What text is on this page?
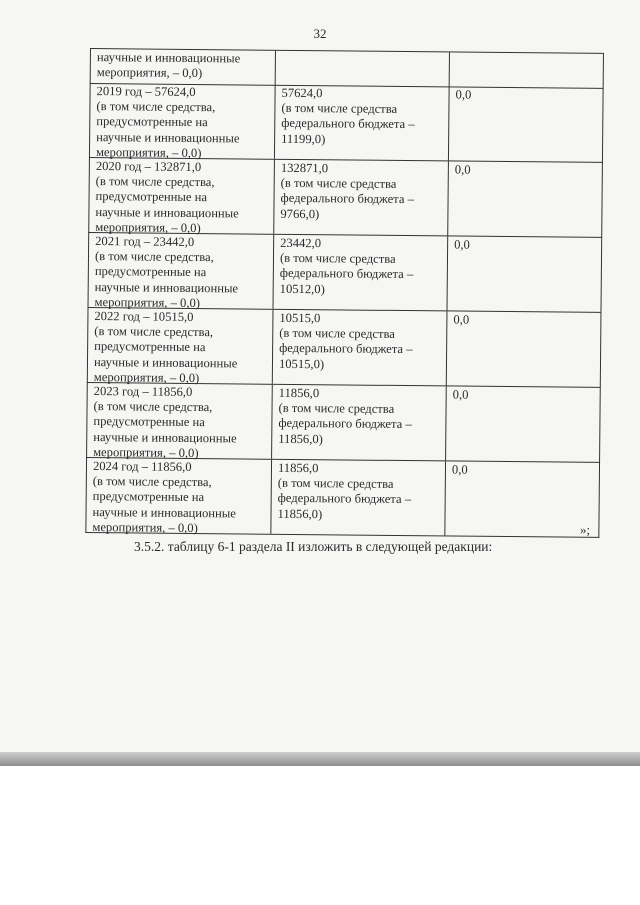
32
научные и инновационные
мероприятия, – 0,0)
2019 год – 57624,0
(в том числе средства,
предусмотренные на
научные и инновационные
мероприятия, – 0,0)
57624,0
(в том числе средства
федерального бюджета –
11199,0)
0,0
2020 год – 132871,0
(в том числе средства,
предусмотренные на
научные и инновационные
мероприятия, – 0,0)
132871,0
(в том числе средства
федерального бюджета –
9766,0)
0,0
2021 год – 23442,0
(в том числе средства,
предусмотренные на
научные и инновационные
мероприятия, – 0,0)
23442,0
(в том числе средства
федерального бюджета –
10512,0)
0,0
2022 год – 10515,0
(в том числе средства,
предусмотренные на
научные и инновационные
мероприятия, – 0,0)
10515,0
(в том числе средства
федерального бюджета –
10515,0)
0,0
2023 год – 11856,0
(в том числе средства,
предусмотренные на
научные и инновационные
мероприятия, – 0,0)
11856,0
(в том числе средства
федерального бюджета –
11856,0)
0,0
2024 год – 11856,0
(в том числе средства,
предусмотренные на
научные и инновационные
мероприятия, – 0,0)
11856,0
(в том числе средства
федерального бюджета –
11856,0)
0,0
»;
3.5.2. таблицу 6-1 раздела II изложить в следующей редакции:
